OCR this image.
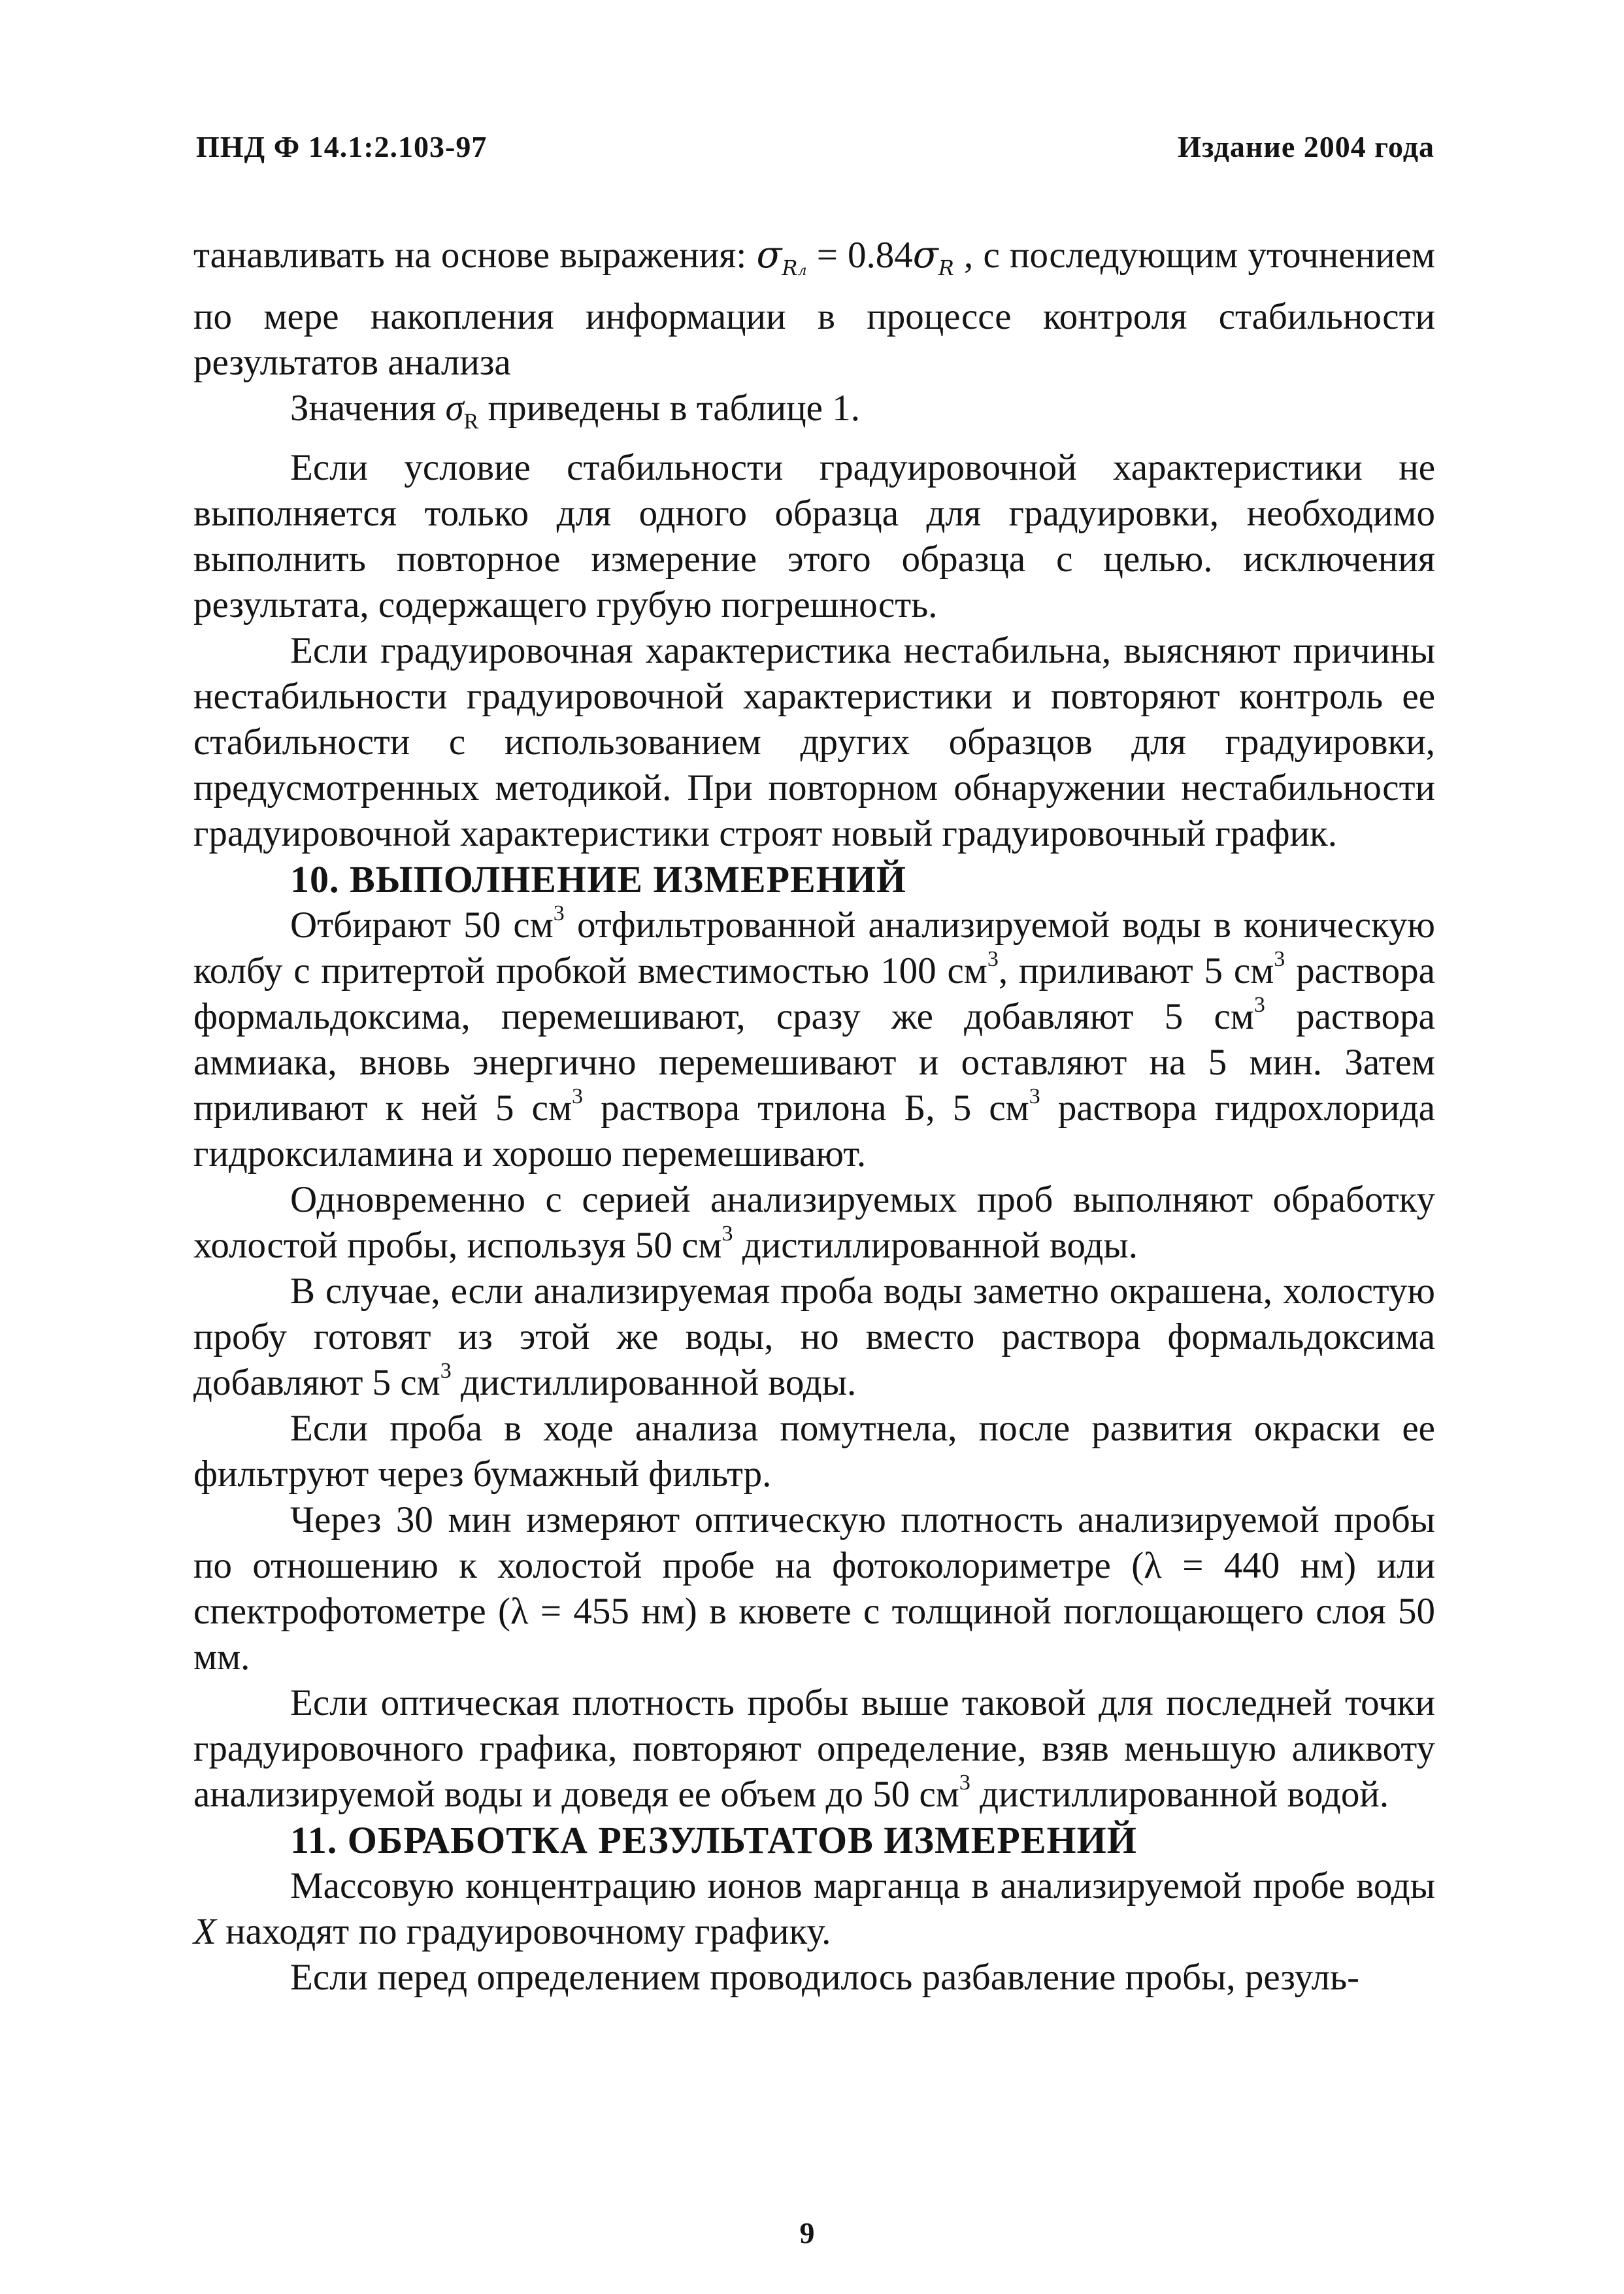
ПНД Ф 14.1:2.103-97	Издание 2004 года

танавливать на основе выражения: $\sigma_{Rл} = 0.84\sigma_R$ , с последующим уточнением по мере накопления информации в процессе контроля стабильности результатов анализа

Значения $\sigma_R$ приведены в таблице 1.

Если условие стабильности градуировочной характеристики не выполняется только для одного образца для градуировки, необходимо выполнить повторное измерение этого образца с целью. исключения результата, содержащего грубую погрешность.

Если градуировочная характеристика нестабильна, выясняют причины нестабильности градуировочной характеристики и повторяют контроль ее стабильности с использованием других образцов для градуировки, предусмотренных методикой. При повторном обнаружении нестабильности градуировочной характеристики строят новый градуировочный график.

10. ВЫПОЛНЕНИЕ ИЗМЕРЕНИЙ

Отбирают 50 $см^3$ отфильтрованной анализируемой воды в коническую колбу с притертой пробкой вместимостью 100 $см^3$, приливают 5 $см^3$ раствора формальдоксима, перемешивают, сразу же добавляют 5 $см^3$ раствора аммиака, вновь энергично перемешивают и оставляют на 5 мин. Затем приливают к ней 5 $см^3$ раствора трилона Б, 5 $см^3$ раствора гидрохлорида гидроксиламина и хорошо перемешивают.

Одновременно с серией анализируемых проб выполняют обработку холостой пробы, используя 50 $см^3$ дистиллированной воды.

В случае, если анализируемая проба воды заметно окрашена, холостую пробу готовят из этой же воды, но вместо раствора формальдоксима добавляют 5 $см^3$ дистиллированной воды.

Если проба в ходе анализа помутнела, после развития окраски ее фильтруют через бумажный фильтр.

Через 30 мин измеряют оптическую плотность анализируемой пробы по отношению к холостой пробе на фотоколориметре (λ = 440 нм) или спектрофотометре (λ = 455 нм) в кювете с толщиной поглощающего слоя 50 мм.

Если оптическая плотность пробы выше таковой для последней точки градуировочного графика, повторяют определение, взяв меньшую аликвоту анализируемой воды и доведя ее объем до 50 $см^3$ дистиллированной водой.

11. ОБРАБОТКА РЕЗУЛЬТАТОВ ИЗМЕРЕНИЙ

Массовую концентрацию ионов марганца в анализируемой пробе воды X находят по градуировочному графику.

Если перед определением проводилось разбавление пробы, резуль-

9
